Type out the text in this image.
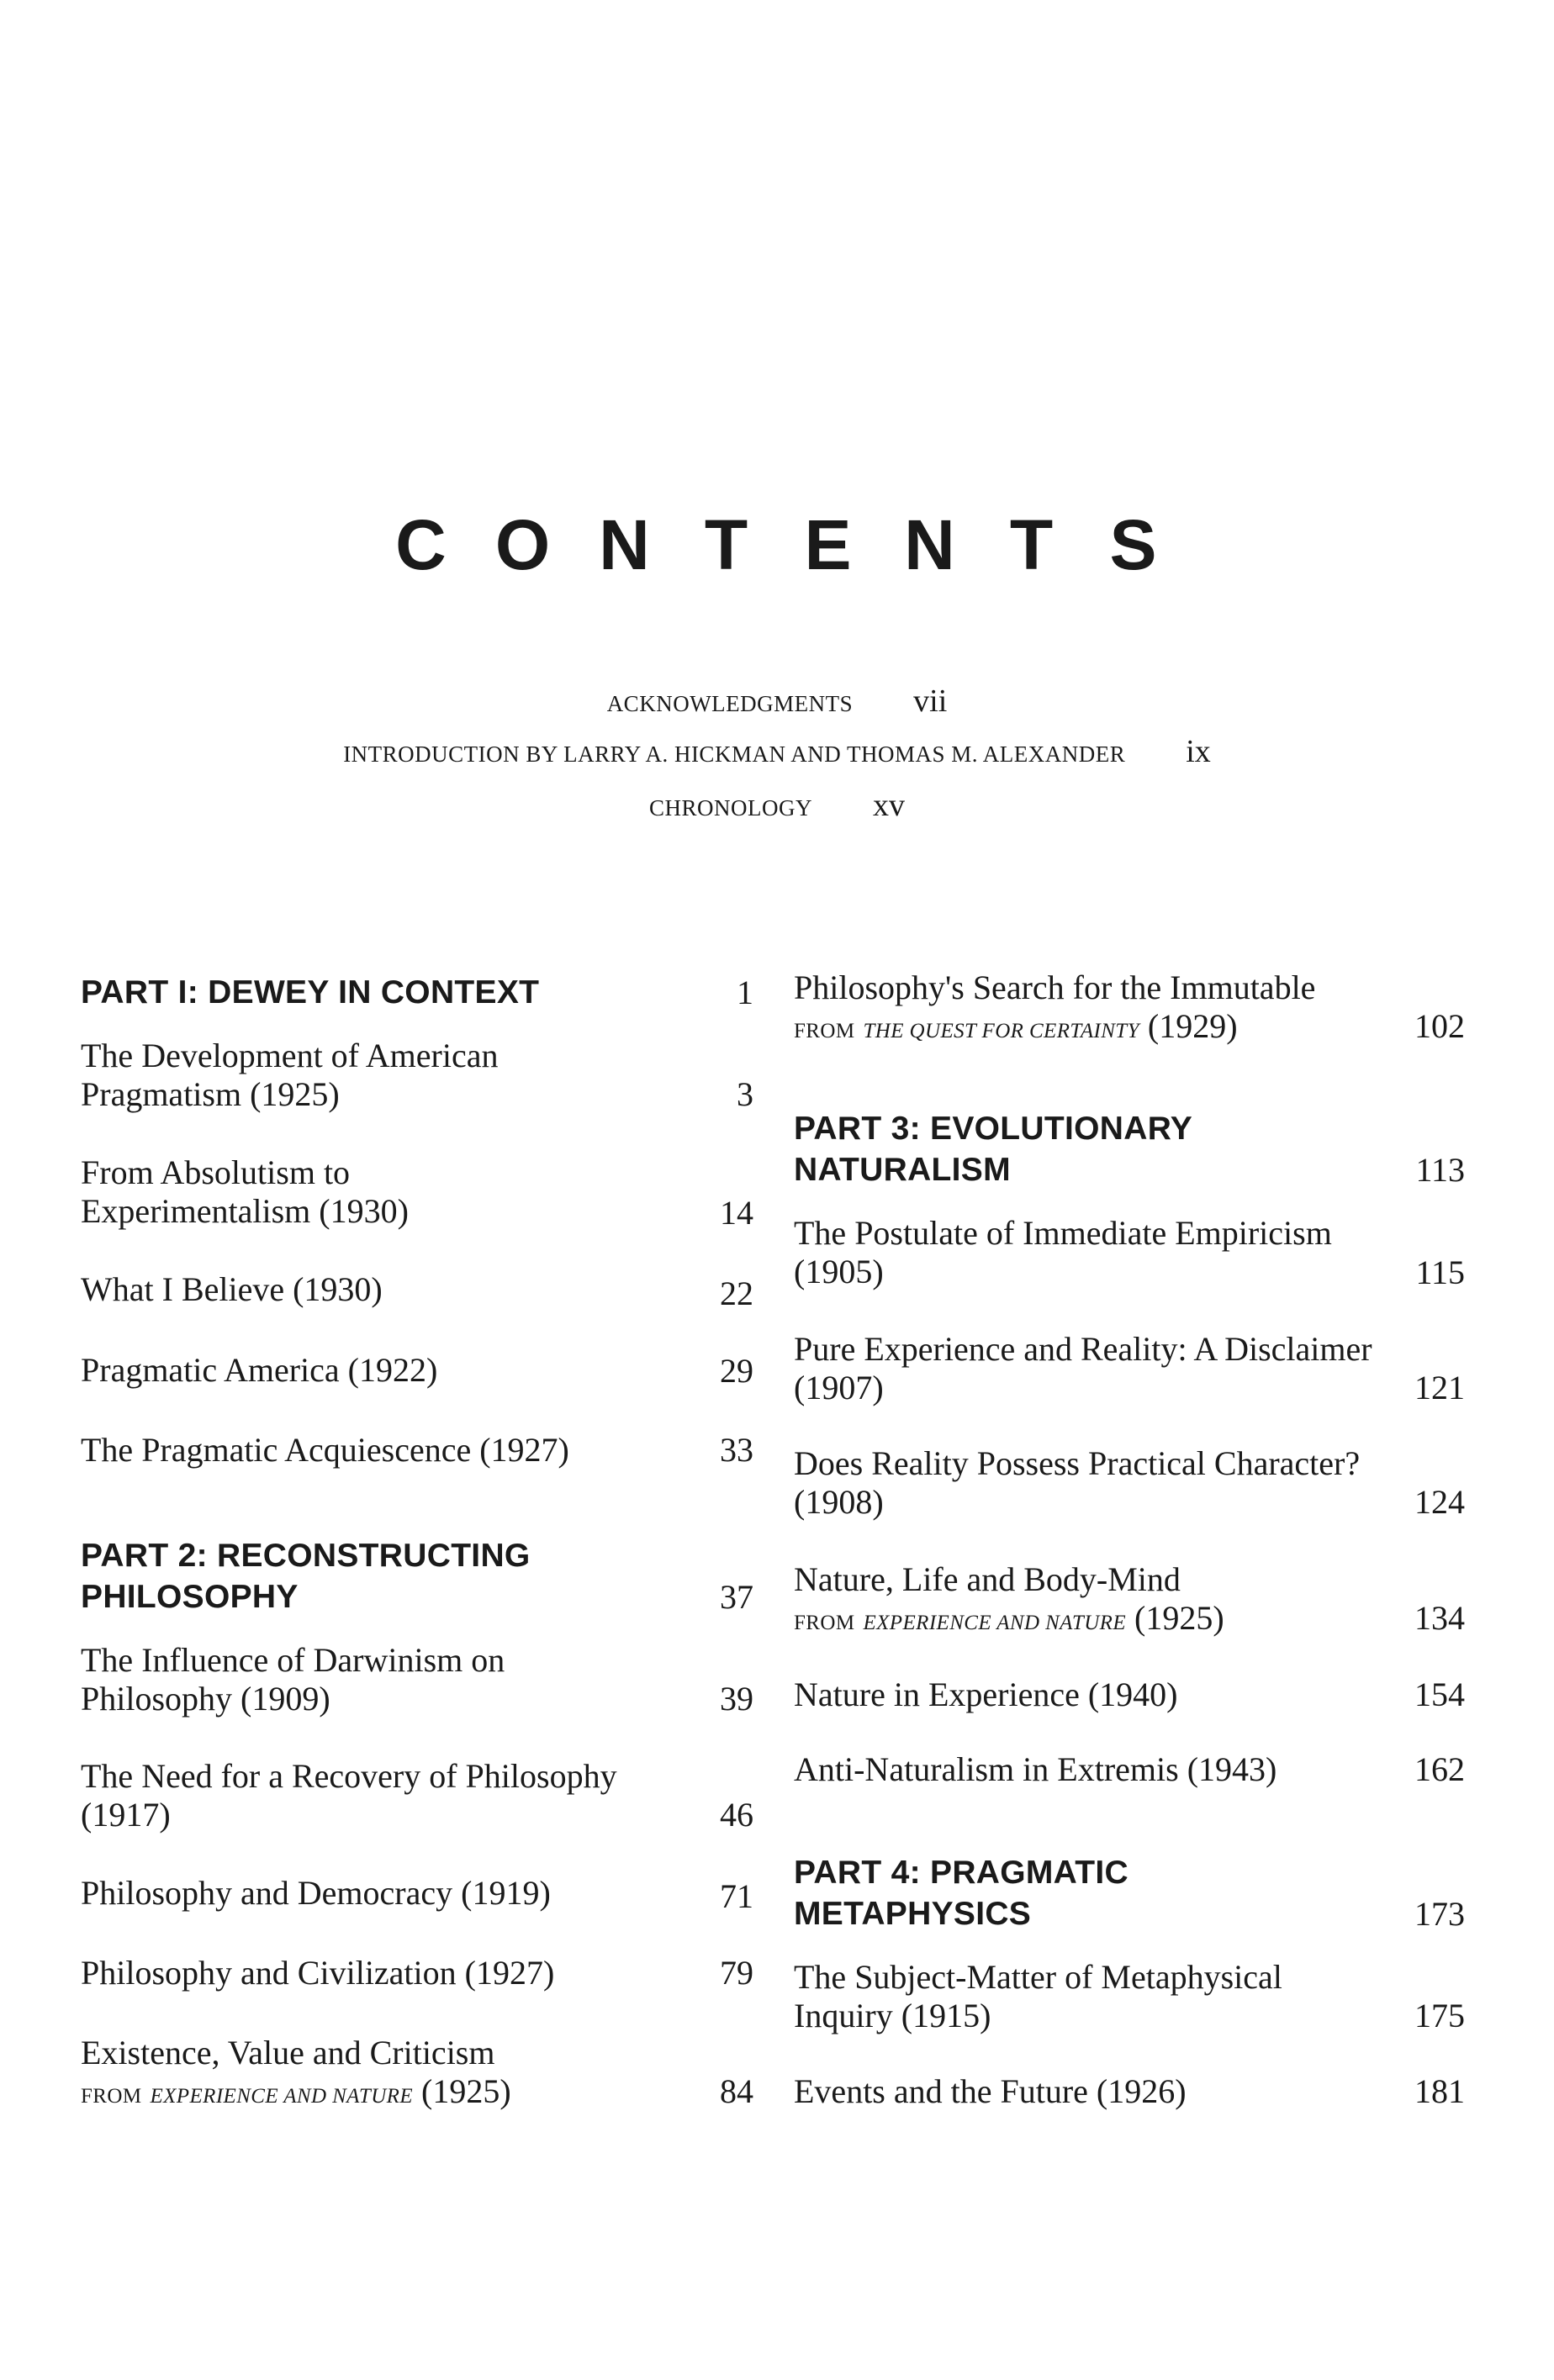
C O N T E N T S
ACKNOWLEDGMENTS vii
INTRODUCTION BY LARRY A. HICKMAN AND THOMAS M. ALEXANDER ix
CHRONOLOGY xv
PART I: DEWEY IN CONTEXT	1
The Development of American
Pragmatism (1925)	3
From Absolutism to
Experimentalism (1930)	14
What I Believe (1930)	22
Pragmatic America (1922)	29
The Pragmatic Acquiescence (1927)	33
PART 2: RECONSTRUCTING
PHILOSOPHY	37
The Influence of Darwinism on
Philosophy (1909)	39
The Need for a Recovery of Philosophy
(1917)	46
Philosophy and Democracy (1919)	71
Philosophy and Civilization (1927)	79
Existence, Value and Criticism
FROM EXPERIENCE AND NATURE (1925)	84
Philosophy's Search for the Immutable
FROM THE QUEST FOR CERTAINTY (1929)	102
PART 3: EVOLUTIONARY
NATURALISM	113
The Postulate of Immediate Empiricism
(1905)	115
Pure Experience and Reality: A Disclaimer
(1907)	121
Does Reality Possess Practical Character?
(1908)	124
Nature, Life and Body-Mind
FROM EXPERIENCE AND NATURE (1925)	134
Nature in Experience (1940)	154
Anti-Naturalism in Extremis (1943)	162
PART 4: PRAGMATIC
METAPHYSICS	173
The Subject-Matter of Metaphysical
Inquiry (1915)	175
Events and the Future (1926)	181
